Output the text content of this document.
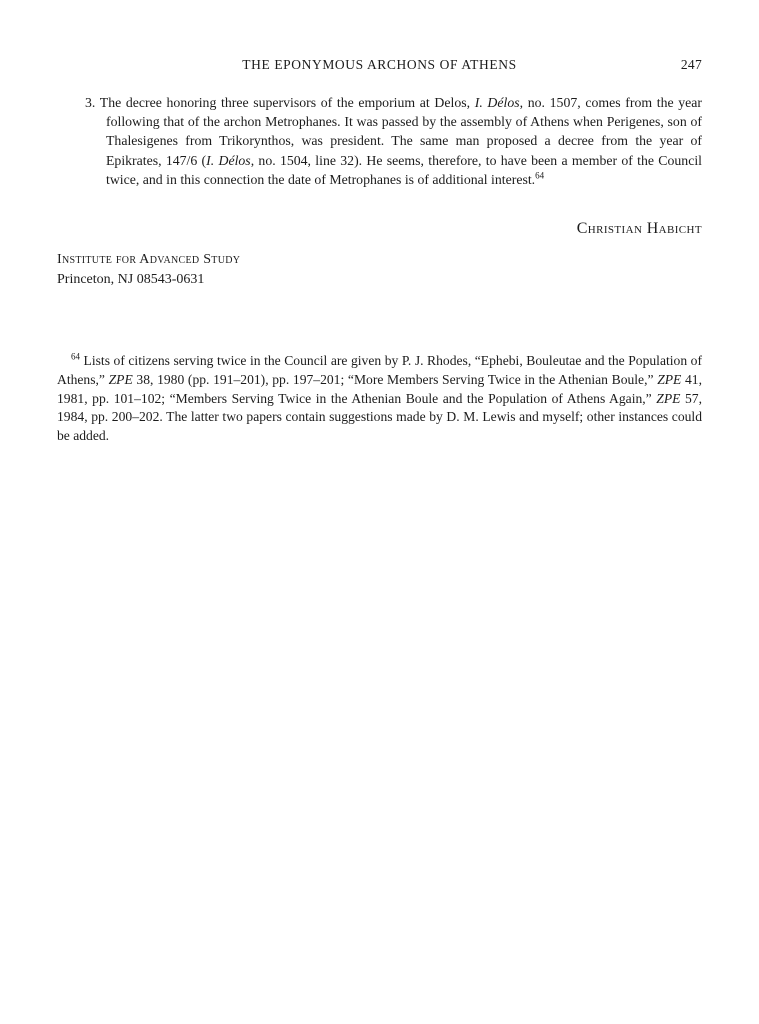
THE EPONYMOUS ARCHONS OF ATHENS	247

3. The decree honoring three supervisors of the emporium at Delos, I. Délos, no. 1507, comes from the year following that of the archon Metrophanes. It was passed by the assembly of Athens when Perigenes, son of Thalesigenes from Trikorynthos, was president. The same man proposed a decree from the year of Epikrates, 147/6 (I. Délos, no. 1504, line 32). He seems, therefore, to have been a member of the Council twice, and in this connection the date of Metrophanes is of additional interest.$^{64}$

Christian Habicht
Institute for Advanced Study
Princeton, NJ 08543-0631

$^{64}$ Lists of citizens serving twice in the Council are given by P. J. Rhodes, “Ephebi, Bouleutae and the Population of Athens,” ZPE 38, 1980 (pp. 191–201), pp. 197–201; “More Members Serving Twice in the Athenian Boule,” ZPE 41, 1981, pp. 101–102; “Members Serving Twice in the Athenian Boule and the Population of Athens Again,” ZPE 57, 1984, pp. 200–202. The latter two papers contain suggestions made by D. M. Lewis and myself; other instances could be added.
